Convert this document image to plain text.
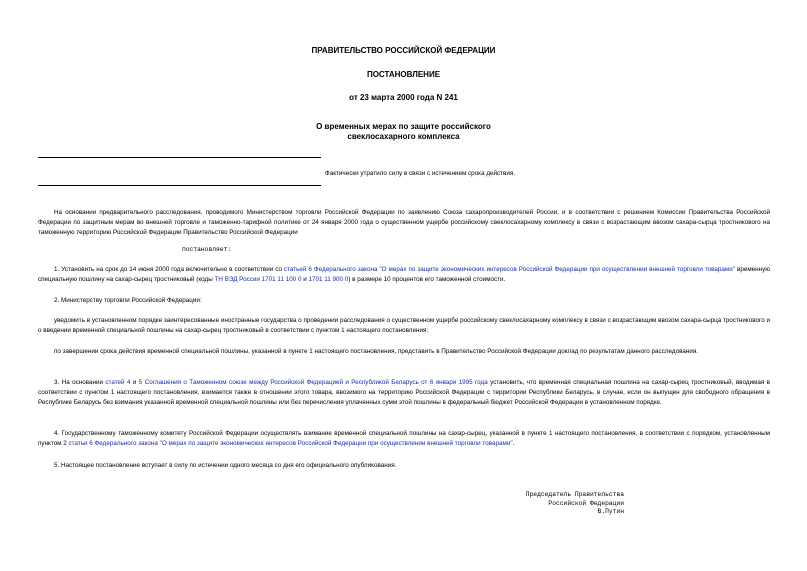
ПРАВИТЕЛЬСТВО РОССИЙСКОЙ ФЕДЕРАЦИИ
ПОСТАНОВЛЕНИЕ
от 23 марта 2000 года N 241
О временных мерах по защите российского
свеклосахарного комплекса
Фактически утратило силу в связи с истечением срока действия.
На основании предварительного расследования, проводимого Министерством торговли Российской Федерации по заявлению Союза сахаропроизводителей России, и в соответствии с решением Комиссии Правительства Российской Федерации по защитным мерам во внешней торговле и таможенно-тарифной политике от 24 января 2000 года о существенном ущербе российскому свеклосахарному комплексу в связи с возрастающим ввозом сахара-сырца тростникового на таможенную территорию Российской Федерации Правительство Российской Федерации
постановляет:
1. Установить на срок до 14 июня 2000 года включительно в соответствии со статьей 6 Федерального закона "О мерах по защите экономических интересов Российской Федерации при осуществлении внешней торговли товарами" временную специальную пошлину на сахар-сырец тростниковый (коды ТН ВЭД России 1701 11 100 0 и 1701 11 900 0) в размере 10 процентов его таможенной стоимости.
2. Министерству торговли Российской Федерации:
уведомить в установленном порядке заинтересованные иностранные государства о проведении расследования о существенном ущербе российскому свеклосахарному комплексу в связи с возрастающим ввозом сахара-сырца тростникового и о введении временной специальной пошлины на сахар-сырец тростниковый в соответствии с пунктом 1 настоящего постановления;
по завершении срока действия временной специальной пошлины, указанной в пункте 1 настоящего постановления, представить в Правительство Российской Федерации доклад по результатам данного расследования.
3. На основании статей 4 и 5 Соглашения о Таможенном союзе между Российской Федерацией и Республикой Беларусь от 6 января 1995 года установить, что временная специальная пошлина на сахар-сырец тростниковый, вводимая в соответствии с пунктом 1 настоящего постановления, взимается также в отношении этого товара, ввозимого на территорию Российской Федерации с территории Республики Беларусь, в случае, если он выпущен для свободного обращения в Республике Беларусь без взимания указанной временной специальной пошлины или без перечисления уплаченных сумм этой пошлины в федеральный бюджет Российской Федерации в установленном порядке.
4. Государственному таможенному комитету Российской Федерации осуществлять взимание временной специальной пошлины на сахар-сырец, указанной в пункте 1 настоящего постановления, в соответствии с порядком, установленным пунктом 2 статьи 6 Федерального закона "О мерах по защите экономических интересов Российской Федерации при осуществлении внешней торговли товарами".
5. Настоящее постановление вступает в силу по истечении одного месяца со дня его официального опубликования.
Председатель Правительства
Российской Федерации
В.Путин
